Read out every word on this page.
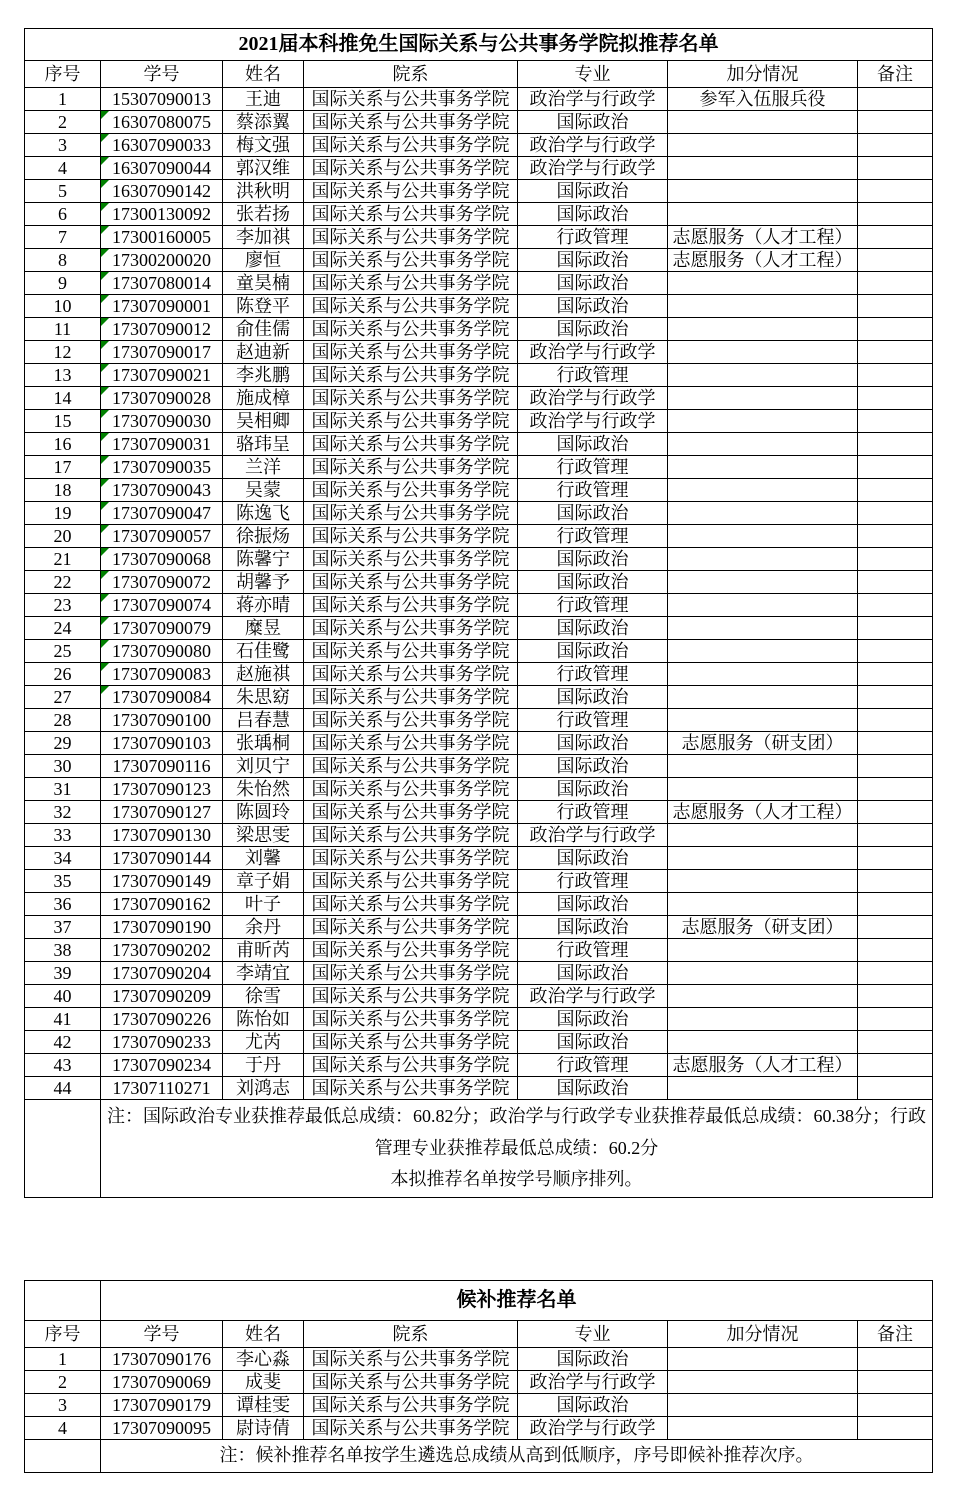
2021届本科推免生国际关系与公共事务学院拟推荐名单						
序号	学号	姓名	院系	专业	加分情况	备注
1	15307090013	王迪	国际关系与公共事务学院	政治学与行政学	参军入伍服兵役	
2	16307080075	蔡添翼	国际关系与公共事务学院	国际政治		
3	16307090033	梅文强	国际关系与公共事务学院	政治学与行政学		
4	16307090044	郭汉维	国际关系与公共事务学院	政治学与行政学		
5	16307090142	洪秋明	国际关系与公共事务学院	国际政治		
6	17300130092	张若扬	国际关系与公共事务学院	国际政治		
7	17300160005	李加祺	国际关系与公共事务学院	行政管理	志愿服务（人才工程）	
8	17300200020	廖恒	国际关系与公共事务学院	国际政治	志愿服务（人才工程）	
9	17307080014	童昊楠	国际关系与公共事务学院	国际政治		
10	17307090001	陈登平	国际关系与公共事务学院	国际政治		
11	17307090012	俞佳儒	国际关系与公共事务学院	国际政治		
12	17307090017	赵迪新	国际关系与公共事务学院	政治学与行政学		
13	17307090021	李兆鹏	国际关系与公共事务学院	行政管理		
14	17307090028	施成樟	国际关系与公共事务学院	政治学与行政学		
15	17307090030	吴相卿	国际关系与公共事务学院	政治学与行政学		
16	17307090031	骆玮呈	国际关系与公共事务学院	国际政治		
17	17307090035	兰洋	国际关系与公共事务学院	行政管理		
18	17307090043	吴蒙	国际关系与公共事务学院	行政管理		
19	17307090047	陈逸飞	国际关系与公共事务学院	国际政治		
20	17307090057	徐振炀	国际关系与公共事务学院	行政管理		
21	17307090068	陈馨宁	国际关系与公共事务学院	国际政治		
22	17307090072	胡馨予	国际关系与公共事务学院	国际政治		
23	17307090074	蒋亦晴	国际关系与公共事务学院	行政管理		
24	17307090079	糜昱	国际关系与公共事务学院	国际政治		
25	17307090080	石佳鹭	国际关系与公共事务学院	国际政治		
26	17307090083	赵施祺	国际关系与公共事务学院	行政管理		
27	17307090084	朱思窈	国际关系与公共事务学院	国际政治		
28	17307090100	吕春慧	国际关系与公共事务学院	行政管理		
29	17307090103	张瑀桐	国际关系与公共事务学院	国际政治	志愿服务（研支团）	
30	17307090116	刘贝宁	国际关系与公共事务学院	国际政治		
31	17307090123	朱怡然	国际关系与公共事务学院	国际政治		
32	17307090127	陈圆玲	国际关系与公共事务学院	行政管理	志愿服务（人才工程）	
33	17307090130	梁思雯	国际关系与公共事务学院	政治学与行政学		
34	17307090144	刘馨	国际关系与公共事务学院	国际政治		
35	17307090149	章子娟	国际关系与公共事务学院	行政管理		
36	17307090162	叶子	国际关系与公共事务学院	国际政治		
37	17307090190	余丹	国际关系与公共事务学院	国际政治	志愿服务（研支团）	
38	17307090202	甫昕芮	国际关系与公共事务学院	行政管理		
39	17307090204	李靖宜	国际关系与公共事务学院	国际政治		
40	17307090209	徐雪	国际关系与公共事务学院	政治学与行政学		
41	17307090226	陈怡如	国际关系与公共事务学院	国际政治		
42	17307090233	尤芮	国际关系与公共事务学院	国际政治		
43	17307090234	于丹	国际关系与公共事务学院	行政管理	志愿服务（人才工程）	
44	17307110271	刘鸿志	国际关系与公共事务学院	国际政治		

	注：国际政治专业获推荐最低总成绩：60.82分；政治学与行政学专业获推荐最低总成绩：60.38分；行政管理专业获推荐最低总成绩：60.2分
本拟推荐名单按学号顺序排列。					
	候补推荐名单					
序号	学号	姓名	院系	专业	加分情况	备注
1	17307090176	李心淼	国际关系与公共事务学院	国际政治		
2	17307090069	成斐	国际关系与公共事务学院	政治学与行政学		
3	17307090179	谭桂雯	国际关系与公共事务学院	国际政治		
4	17307090095	尉诗倩	国际关系与公共事务学院	政治学与行政学		

	注：候补推荐名单按学生遴选总成绩从高到低顺序，序号即候补推荐次序。					
